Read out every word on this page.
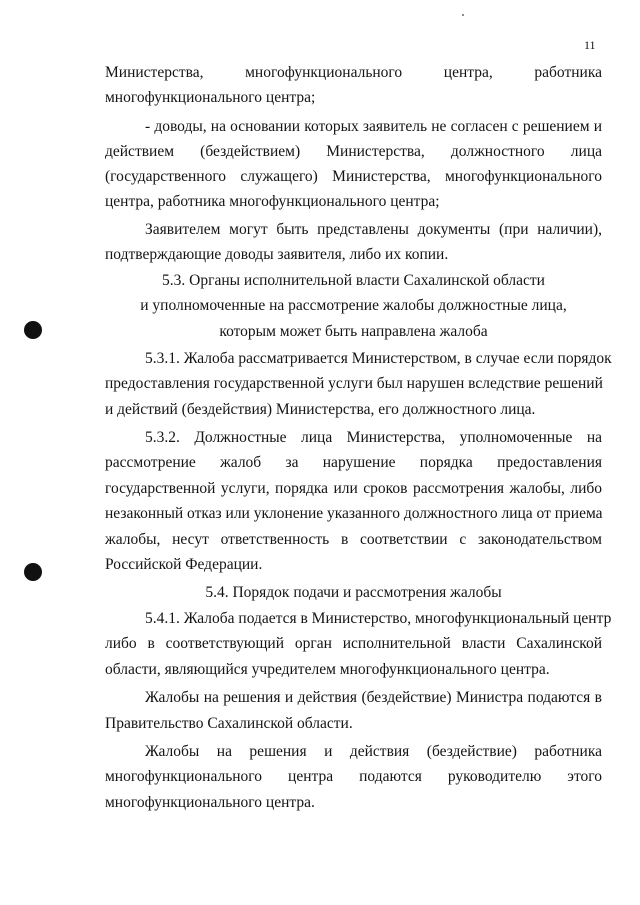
11
Министерства, многофункционального центра, работника
многофункционального центра;
- доводы, на основании которых заявитель не согласен с решением и
действием (бездействием) Министерства, должностного лица
(государственного служащего) Министерства, многофункционального
центра, работника многофункционального центра;
Заявителем могут быть представлены документы (при наличии),
подтверждающие доводы заявителя, либо их копии.
5.3. Органы исполнительной власти Сахалинской области
и уполномоченные на рассмотрение жалобы должностные лица,
которым может быть направлена жалоба
5.3.1. Жалоба рассматривается Министерством, в случае если порядок
предоставления государственной услуги был нарушен вследствие решений
и действий (бездействия) Министерства, его должностного лица.
5.3.2. Должностные лица Министерства, уполномоченные на
рассмотрение жалоб за нарушение порядка предоставления
государственной услуги, порядка или сроков рассмотрения жалобы, либо
незаконный отказ или уклонение указанного должностного лица от приема
жалобы, несут ответственность в соответствии с законодательством
Российской Федерации.
5.4. Порядок подачи и рассмотрения жалобы
5.4.1. Жалоба подается в Министерство, многофункциональный центр
либо в соответствующий орган исполнительной власти Сахалинской
области, являющийся учредителем многофункционального центра.
Жалобы на решения и действия (бездействие) Министра подаются в
Правительство Сахалинской области.
Жалобы на решения и действия (бездействие) работника
многофункционального центра подаются руководителю этого
многофункционального центра.
